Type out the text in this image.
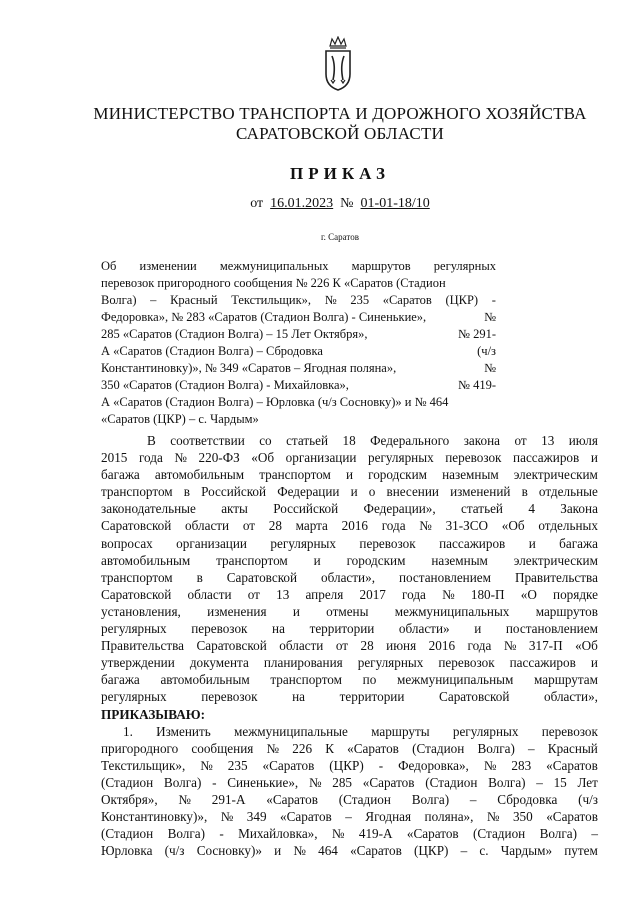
МИНИСТЕРСТВО ТРАНСПОРТА И ДОРОЖНОГО ХОЗЯЙСТВА
САРАТОВСКОЙ ОБЛАСТИ
ПРИКАЗ
от 16.01.2023 № 01-01-18/10
г. Саратов
Об изменении межмуниципальных маршрутов регулярных
перевозок пригородного сообщения № 226 К «Саратов (Стадион
Волга) – Красный Текстильщик», № 235 «Саратов (ЦКР) -
Федоровка», № 283 «Саратов (Стадион Волга) - Синенькие»,	№
285 «Саратов (Стадион Волга) – 15 Лет Октября»,	№ 291-
А «Саратов (Стадион Волга) – Сбродовка	(ч/з
Константиновку)», № 349 «Саратов – Ягодная поляна»,	№
350 «Саратов (Стадион Волга) - Михайловка»,	№ 419-
А «Саратов (Стадион Волга) – Юрловка (ч/з Сосновку)» и № 464
«Саратов (ЦКР) – с. Чардым»
В соответствии со статьей 18 Федерального закона от 13 июля
2015 года № 220-ФЗ «Об организации регулярных перевозок пассажиров и
багажа автомобильным транспортом и городским наземным электрическим
транспортом в Российской Федерации и о внесении изменений в отдельные
законодательные акты Российской Федерации», статьей 4 Закона
Саратовской области от 28 марта 2016 года № 31-ЗСО «Об отдельных
вопросах организации регулярных перевозок пассажиров и багажа
автомобильным транспортом и городским наземным электрическим
транспортом в Саратовской области», постановлением Правительства
Саратовской области от 13 апреля 2017 года № 180-П «О порядке
установления, изменения и отмены межмуниципальных маршрутов
регулярных перевозок на территории области» и постановлением
Правительства Саратовской области от 28 июня 2016 года № 317-П «Об
утверждении документа планирования регулярных перевозок пассажиров и
багажа автомобильным транспортом по межмуниципальным маршрутам
регулярных	перевозок	на	территории	Саратовской	области»,
ПРИКАЗЫВАЮ:
1. Изменить межмуниципальные маршруты регулярных перевозок
пригородного сообщения № 226 К «Саратов (Стадион Волга) – Красный
Текстильщик», № 235 «Саратов (ЦКР) - Федоровка», № 283 «Саратов
(Стадион Волга) - Синенькие», № 285 «Саратов (Стадион Волга) – 15 Лет
Октября», № 291-А «Саратов (Стадион Волга) – Сбродовка (ч/з
Константиновку)», № 349 «Саратов – Ягодная поляна», № 350 «Саратов
(Стадион Волга) - Михайловка», № 419-А «Саратов (Стадион Волга) –
Юрловка (ч/з Сосновку)» и № 464 «Саратов (ЦКР) – с. Чардым» путем
